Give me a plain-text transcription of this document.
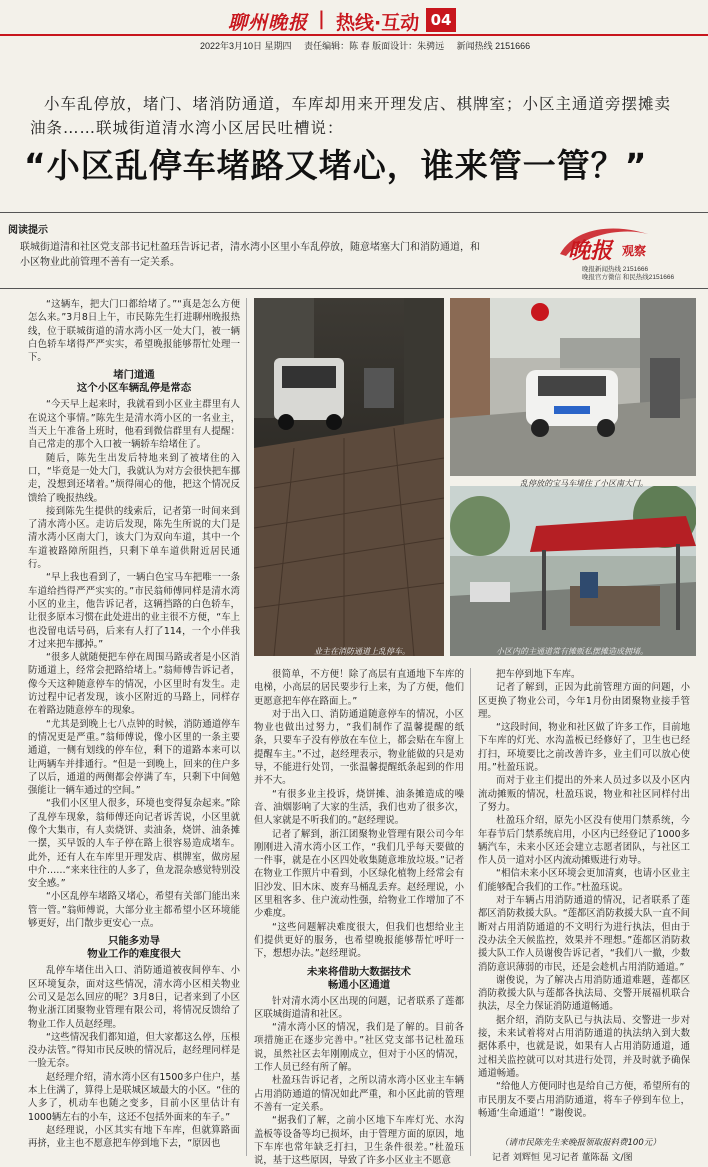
聊州晚报 | 热线·互动 04
2022年3月10日 星期四 责任编辑：陈 春 版面设计：朱骋远 新闻热线 2151666
小车乱停放，堵门、堵消防通道，车库却用来开理发店、棋牌室；小区主通道旁摆摊卖油条……联城街道清水湾小区居民吐槽说：
“小区乱停车堵路又堵心，谁来管一管？”
阅读提示
联城街道清和社区党支部书记杜盈珏告诉记者，清水湾小区里小车乱停放，随意堵塞大门和消防通道，和小区物业此前管理不善有一定关系。	晚报 观察
晚报新闻热线 2151666
晚报官方微信 和民热线2151666

“这辆车，把大门口都给堵了。”“真是怎么方便怎么来。”3月8日上午，市民陈先生打进聊州晚报热线，位于联城街道的清水湾小区一处大门，被一辆白色轿车堵得严严实实，希望晚报能够帮忙处理一下。

堵门道通
这个小区车辆乱停是常态

“今天早上起来时，我就看到小区业主群里有人在说这个事情。”陈先生是清水湾小区的一名业主，当天上午准备上班时，他看到微信群里有人提醒：自己常走的那个入口被一辆轿车给堵住了。

随后，陈先生出发后特地来到了被堵住的入口，“毕竟是一处大门，我就认为对方会很快把车挪走，没想到还堵着。”烦得闹心的他，把这个情况反馈给了晚报热线。

接到陈先生提供的线索后，记者第一时间来到了清水湾小区。走访后发现，陈先生所说的大门是清水湾小区南大门，该大门为双向车道，其中一个车道被路障所阻挡，只剩下单车道供附近居民通行。

“早上我也看到了，一辆白色宝马车把唯一一条车道给挡得严严实实的。”市民翁师傅同样是清水湾小区的业主，他告诉记者，这辆挡路的白色轿车，让很多原本习惯在此处进出的业主很不方便，“车上也没留电话号码，后来有人打了114，一个小伴我才过来把车挪掉。”

“很多人就随便把车停在周围马路或者是小区消防通道上，经常会把路给堵上。”翁师傅告诉记者，像今天这种随意停车的情况，小区里时有发生。走访过程中记者发现，该小区附近的马路上，同样存在着路边随意停车的现象。

“尤其是到晚上七八点钟的时候，消防通道停车的情况更是严重。”翁师傅说，像小区里的一条主要通道，一侧有划线的停车位，剩下的道路本来可以让两辆车并排通行。“但是一到晚上，回来的住户多了以后，通道的两侧都会停满了车，只剩下中间勉强能让一辆车通过的空间。”

“我们小区里人很多，环境也变得复杂起来。”除了乱停车现象，翁师傅还向记者诉苦说，小区里就像个大集市，有人卖烧饼、卖油条，烧饼、油条摊一摆，买早饭的人车子停在路上很容易造成堵车。此外，还有人在车库里开理发店、棋牌室，做房屋中介……“来来往往的人多了，鱼龙混杂感觉特别没安全感。”

“小区乱停车堵路又堵心，希望有关部门能出来管一管。”翁师傅说，大部分业主都希望小区环境能够更好，出门散步更安心一点。

只能多劝导
物业工作的难度很大

乱停车堵住出入口、消防通道被夜间停车、小区环境复杂，面对这些情况，清水湾小区相关物业公司又是怎么回应的呢？3月8日，记者来到了小区物业浙江团聚物业管理有限公司，将情况反馈给了物业工作人员赵经理。

“这些情况我们都知道，但大家都这么停，压根没办法管。”得知市民反映的情况后，赵经理同样是一脸无奈。

赵经理介绍，清水湾小区有1500多户住户，基本上住满了，算得上是联城区域最大的小区。“住的人多了，机动车也随之变多，目前小区里估计有1000辆左右的小车，这还不包括外面来的车子。”

赵经理说，小区其实有地下车库，但就算路面再挤，业主也不愿意把车停到地下去，“原因也

业主在消防通道上乱停车。
乱停放的宝马车堵住了小区南大门。
小区内的主通道常有摊贩私摆摊造成拥堵。

很简单，不方便！除了高层有直通地下车库的电梯，小高层的居民要步行上来，为了方便，他们更愿意把车停在路面上。”

对于出入口、消防通道随意停车的情况，小区物业也做出过努力，“我们制作了温馨提醒的纸条，只要车子没有停放在车位上，都会贴在车窗上提醒车主。”不过，赵经理表示，物业能做的只是劝导，不能进行处罚，一张温馨提醒纸条起到的作用并不大。

“有很多业主投诉，烧饼摊、油条摊造成的噪音、油烟影响了大家的生活，我们也劝了很多次，但人家就是不听我们的。”赵经理说。

记者了解到，浙江团聚物业管理有限公司今年刚刚进入清水湾小区工作，“我们几乎每天要做的一件事，就是在小区四处收集随意堆放垃圾。”记者在物业工作照片中看到，小区绿化植物上经常会有旧沙发、旧木床、废弃马桶乱丢弃。赵经理说，小区里租客多、住户流动性强，给物业工作增加了不少难度。

“这些问题解决难度很大，但我们也想给业主们提供更好的服务，也希望晚报能够帮忙呼吁一下，想想办法。”赵经理说。

未来将借助大数据技术
畅通小区通道

针对清水湾小区出现的问题，记者联系了莲都区联城街道清和社区。

“清水湾小区的情况，我们是了解的。目前各项措施正在逐步完善中。”社区党支部书记杜盈珏说，虽然社区去年刚刚成立，但对于小区的情况，工作人员已经有所了解。

杜盈珏告诉记者，之所以清水湾小区业主车辆占用消防通道的情况如此严重，和小区此前的管理不善有一定关系。

“据我们了解，之前小区地下车库灯光、水沟盖板等设备等均已损坏，由于管理方面的原因，地下车库也常年缺乏打扫，卫生条件很差。”杜盈珏说，基于这些原因，导致了许多小区业主不愿意

把车停到地下车库。

记者了解到，正因为此前管理方面的问题，小区更换了物业公司，今年1月份由团聚物业接手管理。

“这段时间，物业和社区做了许多工作，目前地下车库的灯光、水沟盖板已经修好了，卫生也已经打扫，环境要比之前改善许多，业主们可以放心使用。”杜盈珏说。

而对于业主们提出的外来人员过多以及小区内流动摊贩的情况，杜盈珏说，物业和社区同样付出了努力。

杜盈珏介绍，原先小区没有使用门禁系统，今年春节后门禁系统启用，小区内已经登记了1000多辆汽车，未来小区还会建立志愿者团队，与社区工作人员一道对小区内流动摊贩进行劝导。

“相信未来小区环境会更加清爽，也请小区业主们能够配合我们的工作。”杜盈珏说。

对于车辆占用消防通道的情况，记者联系了莲都区消防救援大队。“莲都区消防救援大队一直不间断对占用消防通道的不文明行为进行执法，但由于没办法全天候监控，效果并不理想。”莲都区消防救援大队工作人员谢俊告诉记者，“我们八一撤，少数消防意识薄弱的市民，还是会趁机占用消防通道。”

谢俊说，为了解决占用消防通道难题，莲都区消防救援大队与莲都各执法局、交警开展福机联合执法，尽全力保证消防通道畅通。

据介绍，消防支队已与执法局、交警进一步对接，未来试着将对占用消防通道的执法纳入到大数据体系中，也就是说，如果有人占用消防通道，通过相关监控就可以对其进行处罚，并及时就予确保通道畅通。

“给他人方便同时也是给自己方便，希望所有的市民朋友不要占用消防通道，将车子停到车位上，畅通‘生命通道’！”谢俊说。

（请市民陈先生来晚报领取报料费100元）
记者 刘辉恒 见习记者 董陈磊 文/图
